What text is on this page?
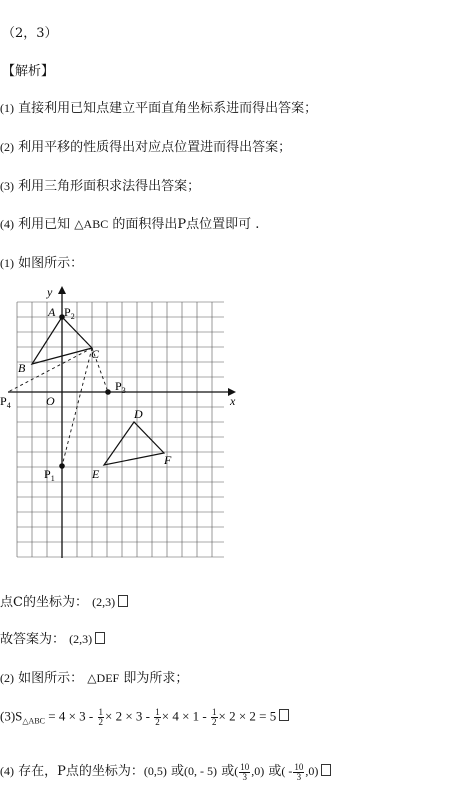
（2，3）
【解析】
(1) 直接利用已知点建立平面直角坐标系进而得出答案；
(2) 利用平移的性质得出对应点位置进而得出答案；
(3) 利用三角形面积求法得出答案；
(4) 利用已知 △ABC 的面积得出P点位置即可 .
(1) 如图所示：
x
y
O
A
B
C
D
E
F
$P_1$
$P_2$
$P_3$
$P_4$
点C的坐标为： (2,3)
故答案为： (2,3)
(2) 如图所示： △DEF 即为所求；
$(3)S_{\triangle ABC} = 4 \times 3 - \frac{1}{2} \times 2 \times 3 - \frac{1}{2} \times 4 \times 1 - \frac{1}{2} \times 2 \times 2 = 5$
(4) 存在，P点的坐标为：(0,5) 或(0, - 5) 或( $\frac{10}{3} ,0$) 或( - $\frac{10}{3} ,0$)
